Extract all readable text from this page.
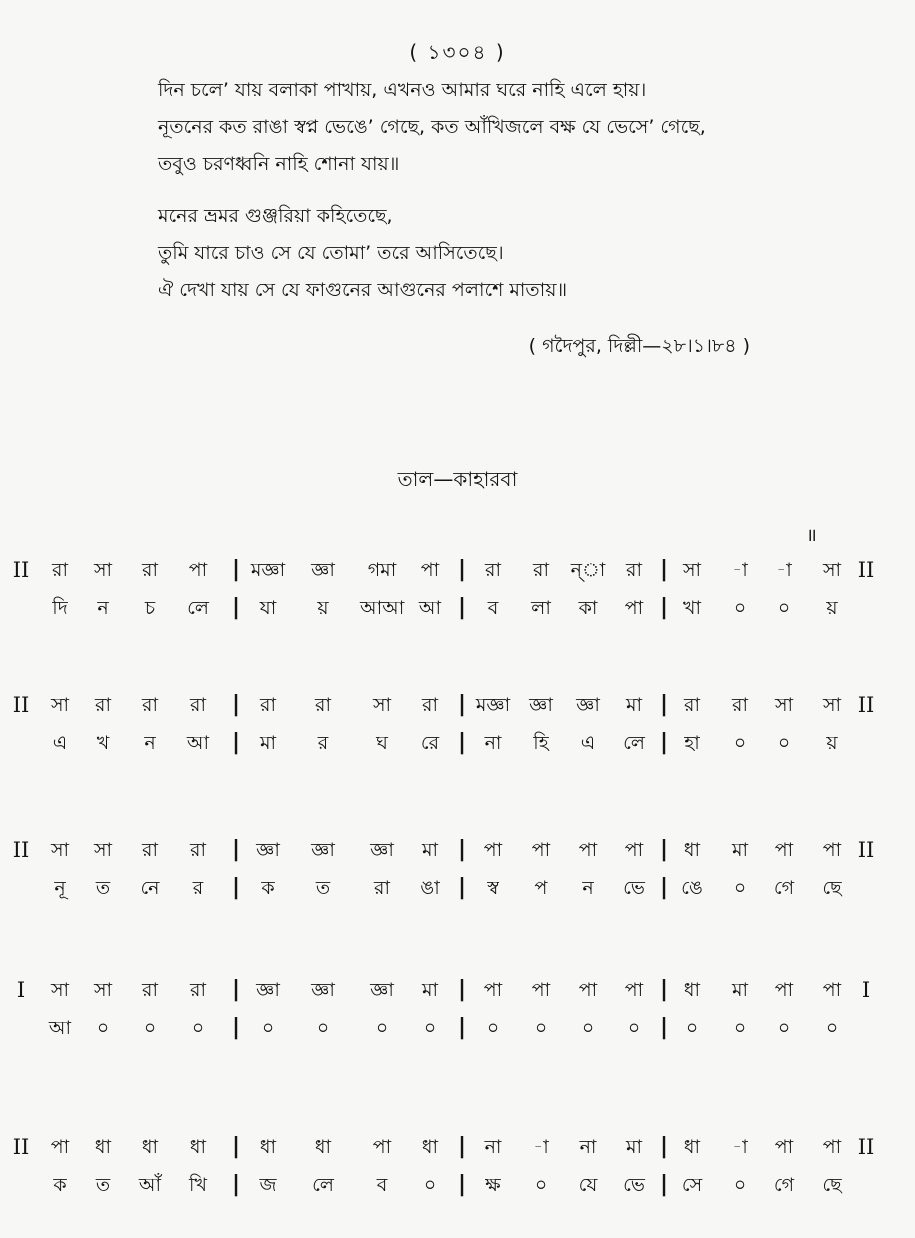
( ১৩০৪ )
দিন চলে’ যায় বলাকা পাখায়, এখনও আমার ঘরে নাহি এলে হায়।
নূতনের কত রাঙা স্বপ্ন ভেঙে’ গেছে, কত আঁখিজলে বক্ষ যে ভেসে’ গেছে,
তবুও চরণধ্বনি নাহি শোনা যায়॥
মনের ভ্রমর গুঞ্জরিয়া কহিতেছে,
তুমি যারে চাও সে যে তোমা’ তরে আসিতেছে।
ঐ দেখা যায় সে যে ফাগুনের আগুনের পলাশে মাতায়॥
( গদৈপুর, দিল্লী—২৮।১।৮৪ )
তাল—কাহারবা
॥
II	II
রা	সা	রা	পা	মজ্ঞা	জ্ঞা	গমা	পা	রা	রা	ন্‌া	রা	সা	-া	-া	সা
|	|	|
দি	ন	চ	লে	যা	য়	আআ আ	ব	লা	কা	পা	খা	০	০	য়
|	|	|
II	II
সা	রা	রা	রা	রা	রা	সা	রা	মজ্ঞা	জ্ঞা	জ্ঞা	মা	রা	রা	সা	সা
|	|	|
এ	খ	ন	আ	মা	র	ঘ	রে	না	হি	এ	লে	হা	০	০	য়
|	|	|
II	II
সা	সা	রা	রা	জ্ঞা	জ্ঞা	জ্ঞা	মা	পা	পা	পা	পা	ধা	মা	পা	পা
|	|	|
নূ	ত	নে	র	ক	ত	রা	ঙা	স্ব	প	ন	ভে	ঙে	০	গে	ছে
|	|	|
I	I
সা	সা	রা	রা	জ্ঞা	জ্ঞা	জ্ঞা	মা	পা	পা	পা	পা	ধা	মা	পা	পা
|	|	|
আ	০	০	০	০	০	০	০	০	০	০	০	০	০	০	০
|	|	|
II	II
পা	ধা	ধা	ধা	ধা	ধা	পা	ধা	না	-া	না	মা	ধা	-া	পা	পা
|	|	|
ক	ত	আঁ	খি	জ	লে	ব	০	ক্ষ	০	যে	ভে	সে	০	গে	ছে
|	|	|
